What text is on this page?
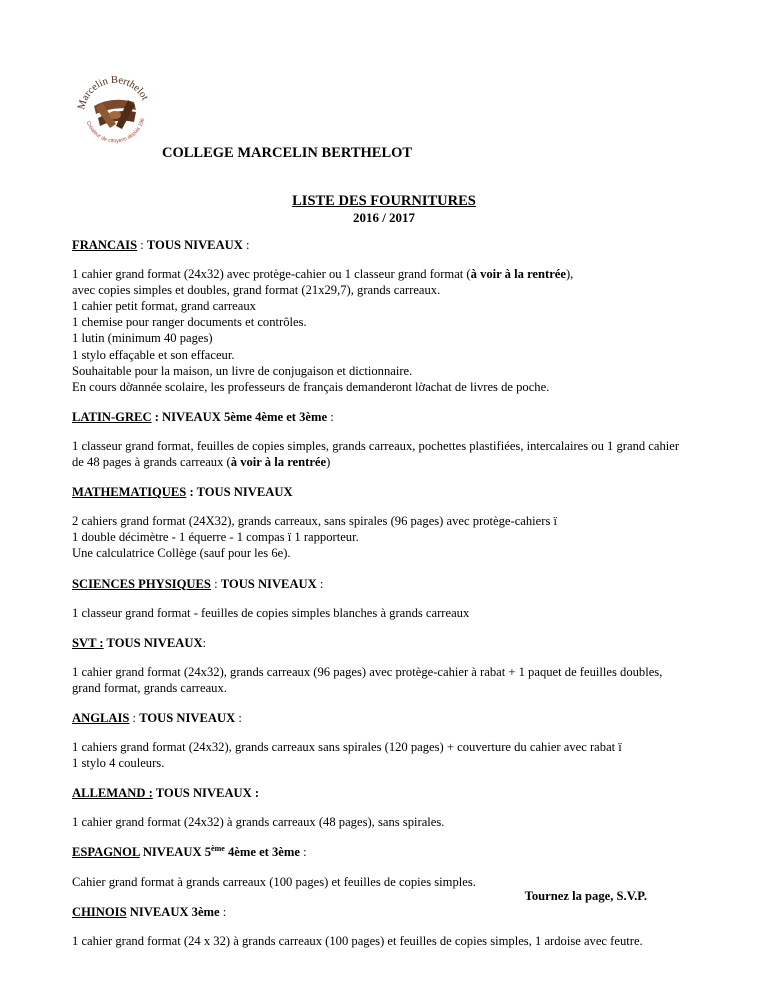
Marcelin Berthelot
Créateur de citoyens depuis 196
COLLEGE MARCELIN BERTHELOT
LISTE DES FOURNITURES
2016 / 2017

FRANCAIS : TOUS NIVEAUX :

1 cahier grand format (24x32) avec protège-cahier ou 1 classeur grand format (à voir à la rentrée),
avec copies simples et doubles, grand format (21x29,7), grands carreaux.
1 cahier petit format, grand carreaux
1 chemise pour ranger documents et contrôles.
1 lutin (minimum 40 pages)
1 stylo effaçable et son effaceur.
Souhaitable pour la maison, un livre de conjugaison et dictionnaire.
En cours dờannée scolaire, les professeurs de français demanderont lờachat de livres de poche.

LATIN-GREC : NIVEAUX 5ème 4ème et 3ème :

1 classeur grand format, feuilles de copies simples, grands carreaux, pochettes plastifiées, intercalaires ou 1 grand cahier
de 48 pages à grands carreaux (à voir à la rentrée)

MATHEMATIQUES : TOUS NIVEAUX

2 cahiers grand format (24X32), grands carreaux, sans spirales (96 pages) avec protège-cahiers ї
1 double décimètre - 1 équerre - 1 compas ї 1 rapporteur.
Une calculatrice Collège (sauf pour les 6e).

SCIENCES PHYSIQUES : TOUS NIVEAUX :

1 classeur grand format - feuilles de copies simples blanches à grands carreaux

SVT : TOUS NIVEAUX:

1 cahier grand format (24x32), grands carreaux (96 pages) avec protège-cahier à rabat + 1 paquet de feuilles doubles,
grand format, grands carreaux.

ANGLAIS : TOUS NIVEAUX :

1 cahiers grand format (24x32), grands carreaux sans spirales (120 pages) + couverture du cahier avec rabat ї
1 stylo 4 couleurs.

ALLEMAND : TOUS NIVEAUX :

1 cahier grand format (24x32) à grands carreaux (48 pages), sans spirales.

ESPAGNOL NIVEAUX 5ème 4ème et 3ème :

Cahier grand format à grands carreaux (100 pages) et feuilles de copies simples.

CHINOIS NIVEAUX 3ème :

1 cahier grand format (24 x 32) à grands carreaux (100 pages) et feuilles de copies simples, 1 ardoise avec feutre.
Tournez la page, S.V.P.
